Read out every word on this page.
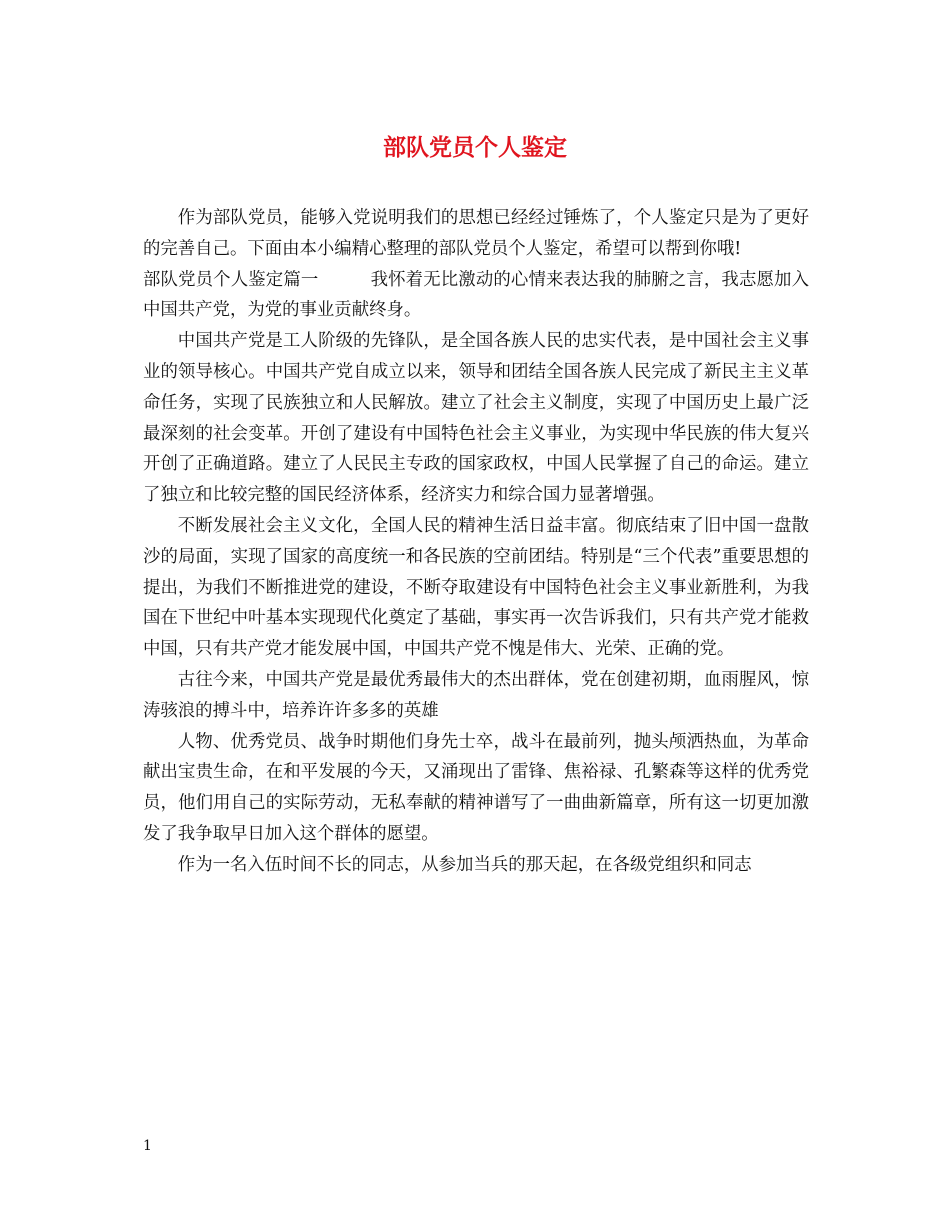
部队党员个人鉴定

作为部队党员，能够入党说明我们的思想已经经过锤炼了，个人鉴定只是为了更好的完善自己。下面由本小编精心整理的部队党员个人鉴定，希望可以帮到你哦!

部队党员个人鉴定篇一	我怀着无比激动的心情来表达我的肺腑之言，我志愿加入中国共产党，为党的事业贡献终身。

中国共产党是工人阶级的先锋队，是全国各族人民的忠实代表，是中国社会主义事业的领导核心。中国共产党自成立以来，领导和团结全国各族人民完成了新民主主义革命任务，实现了民族独立和人民解放。建立了社会主义制度，实现了中国历史上最广泛最深刻的社会变革。开创了建设有中国特色社会主义事业，为实现中华民族的伟大复兴开创了正确道路。建立了人民民主专政的国家政权，中国人民掌握了自己的命运。建立了独立和比较完整的国民经济体系，经济实力和综合国力显著增强。

不断发展社会主义文化，全国人民的精神生活日益丰富。彻底结束了旧中国一盘散沙的局面，实现了国家的高度统一和各民族的空前团结。特别是“三个代表”重要思想的提出，为我们不断推进党的建设，不断夺取建设有中国特色社会主义事业新胜利，为我国在下世纪中叶基本实现现代化奠定了基础，事实再一次告诉我们，只有共产党才能救中国，只有共产党才能发展中国，中国共产党不愧是伟大、光荣、正确的党。

古往今来，中国共产党是最优秀最伟大的杰出群体，党在创建初期，血雨腥风，惊涛骇浪的搏斗中，培养许许多多的英雄

人物、优秀党员、战争时期他们身先士卒，战斗在最前列，抛头颅洒热血，为革命献出宝贵生命，在和平发展的今天，又涌现出了雷锋、焦裕禄、孔繁森等这样的优秀党员，他们用自己的实际劳动，无私奉献的精神谱写了一曲曲新篇章，所有这一切更加激发了我争取早日加入这个群体的愿望。

作为一名入伍时间不长的同志，从参加当兵的那天起，在各级党组织和同志

1
